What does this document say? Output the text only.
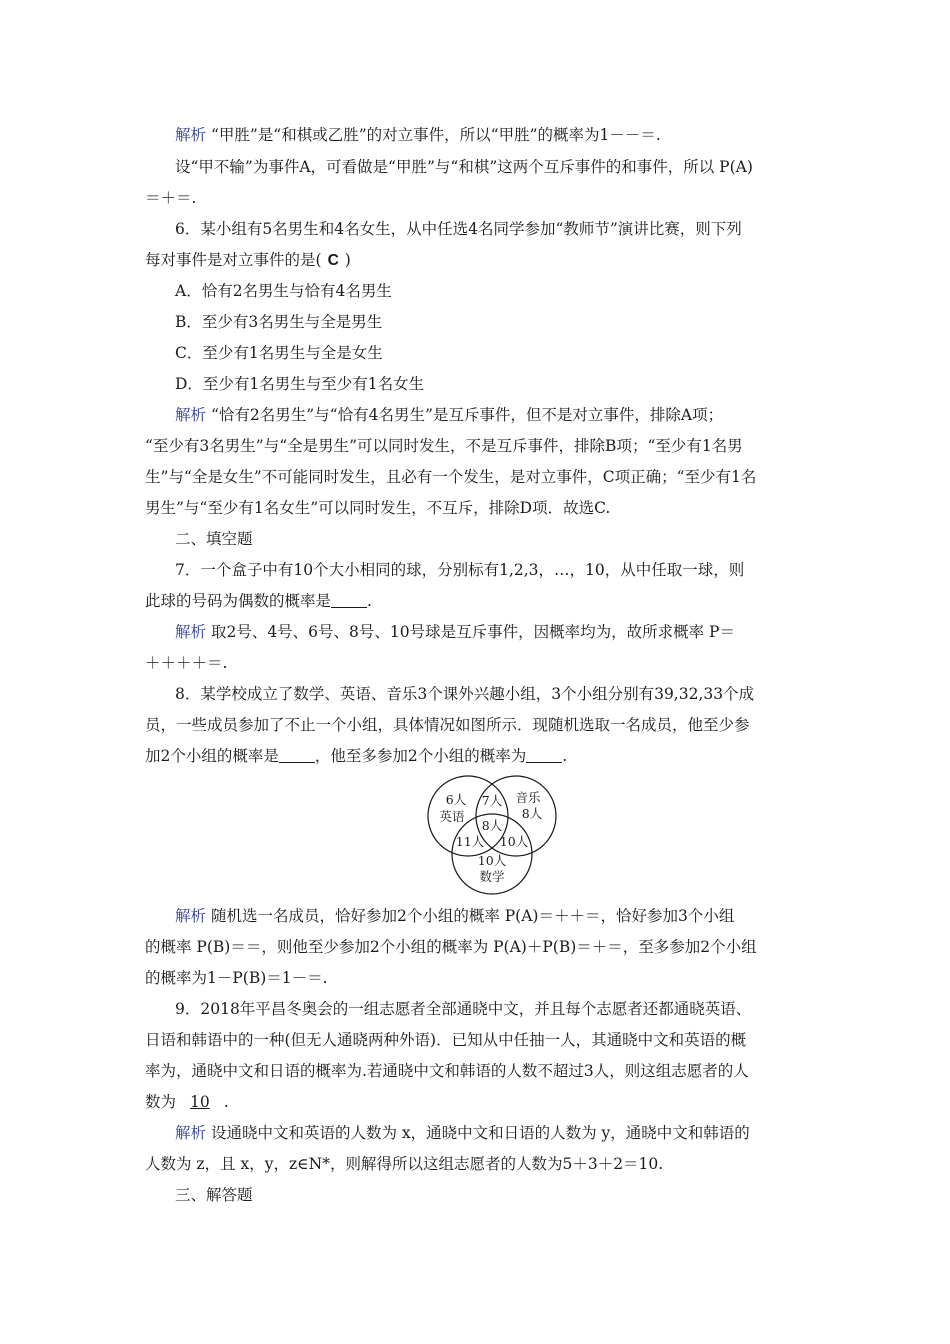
解析 “甲胜”是“和棋或乙胜”的对立事件，所以“甲胜”的概率为1－－＝.
设“甲不输”为事件A，可看做是“甲胜”与“和棋”这两个互斥事件的和事件，所以 P(A)
＝＋＝.
6．某小组有5名男生和4名女生，从中任选4名同学参加“教师节”演讲比赛，则下列
每对事件是对立事件的是( C )
A．恰有2名男生与恰有4名男生
B．至少有3名男生与全是男生
C．至少有1名男生与全是女生
D．至少有1名男生与至少有1名女生
解析 “恰有2名男生”与“恰有4名男生”是互斥事件，但不是对立事件，排除A项；
“至少有3名男生”与“全是男生”可以同时发生，不是互斥事件，排除B项；“至少有1名男
生”与“全是女生”不可能同时发生，且必有一个发生，是对立事件，C项正确；“至少有1名
男生”与“至少有1名女生”可以同时发生，不互斥，排除D项．故选C.
二、填空题
7．一个盒子中有10个大小相同的球，分别标有1,2,3，…，10，从中任取一球，则
此球的号码为偶数的概率是 .
解析 取2号、4号、6号、8号、10号球是互斥事件，因概率均为，故所求概率 P＝
＋＋＋＋＝.
8．某学校成立了数学、英语、音乐3个课外兴趣小组，3个小组分别有39,32,33个成
员，一些成员参加了不止一个小组，具体情况如图所示．现随机选取一名成员，他至少参
加2个小组的概率是 ，他至多参加2个小组的概率为 .
6人
英语
音乐
8人
7人
8人
11人 10人
10人
数学
解析 随机选一名成员，恰好参加2个小组的概率 P(A)＝＋＋＝，恰好参加3个小组
的概率 P(B)＝＝，则他至少参加2个小组的概率为 P(A)＋P(B)＝＋＝，至多参加2个小组
的概率为1－P(B)＝1－＝.
9．2018年平昌冬奥会的一组志愿者全部通晓中文，并且每个志愿者还都通晓英语、
日语和韩语中的一种(但无人通晓两种外语)．已知从中任抽一人，其通晓中文和英语的概
率为，通晓中文和日语的概率为.若通晓中文和韩语的人数不超过3人，则这组志愿者的人
数为 10 .
解析 设通晓中文和英语的人数为 x，通晓中文和日语的人数为 y，通晓中文和韩语的
人数为 z，且 x，y，z∈N*，则解得所以这组志愿者的人数为5＋3＋2＝10.
三、解答题
